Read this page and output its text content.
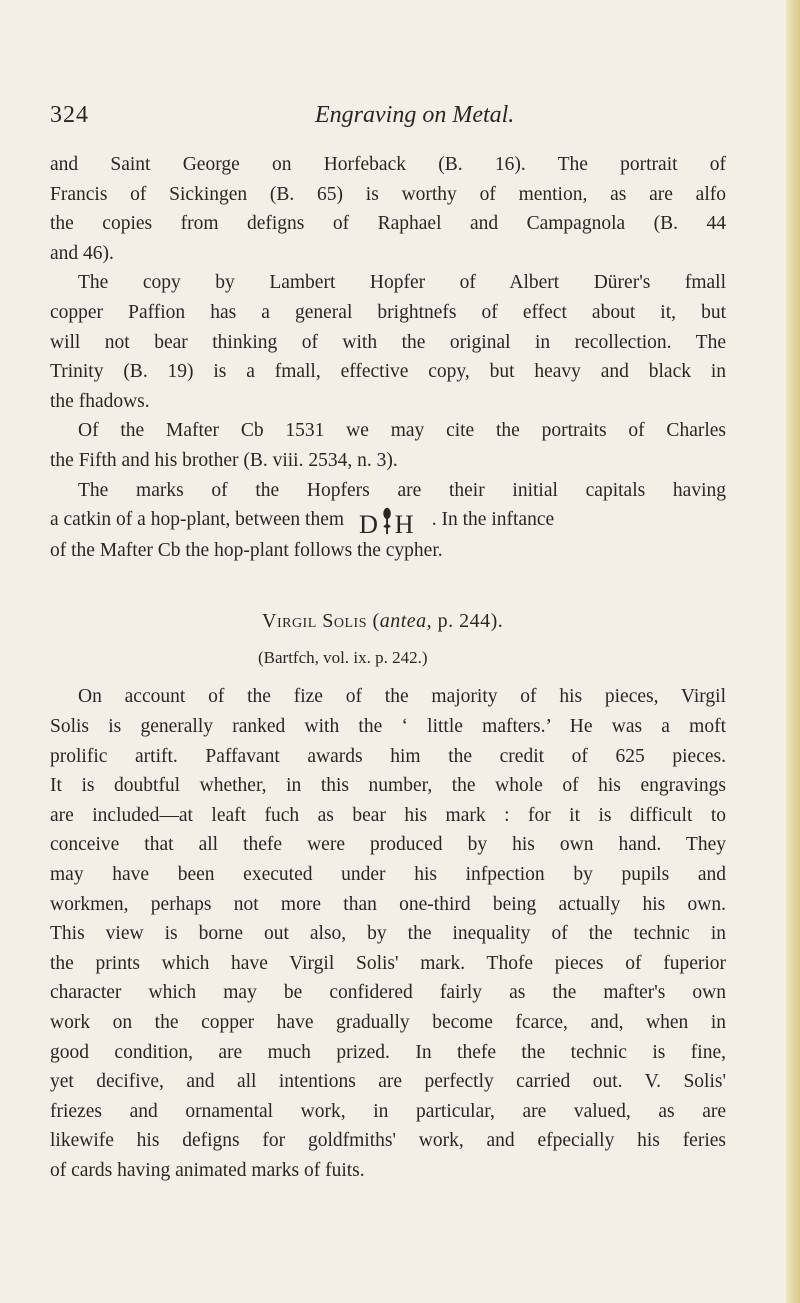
324	Engraving on Metal.

and Saint George on Horfeback (B. 16). The portrait of
Francis of Sickingen (B. 65) is worthy of mention, as are alfo
the copies from defigns of Raphael and Campagnola (B. 44
and 46).

The copy by Lambert Hopfer of Albert Dürer's fmall
copper Paffion has a general brightnefs of effect about it, but
will not bear thinking of with the original in recollection. The
Trinity (B. 19) is a fmall, effective copy, but heavy and black in
the fhadows.

Of the Mafter Cb 1531 we may cite the portraits of Charles
the Fifth and his brother (B. viii. 2534, n. 3).

The marks of the Hopfers are their initial capitals having
a catkin of a hop-plant, between them D H . In the inftance
of the Mafter Cb the hop-plant follows the cypher.

Virgil Solis (antea, p. 244).
(Bartfch, vol. ix. p. 242.)

On account of the fize of the majority of his pieces, Virgil
Solis is generally ranked with the ‘ little mafters.’ He was a moft
prolific artift. Paffavant awards him the credit of 625 pieces.
It is doubtful whether, in this number, the whole of his engravings
are included—at leaft fuch as bear his mark : for it is difficult to
conceive that all thefe were produced by his own hand. They
may have been executed under his infpection by pupils and
workmen, perhaps not more than one-third being actually his own.
This view is borne out also, by the inequality of the technic in
the prints which have Virgil Solis' mark. Thofe pieces of fuperior
character which may be confidered fairly as the mafter's own
work on the copper have gradually become fcarce, and, when in
good condition, are much prized. In thefe the technic is fine,
yet decifive, and all intentions are perfectly carried out. V. Solis'
friezes and ornamental work, in particular, are valued, as are
likewife his defigns for goldfmiths' work, and efpecially his feries
of cards having animated marks of fuits.
